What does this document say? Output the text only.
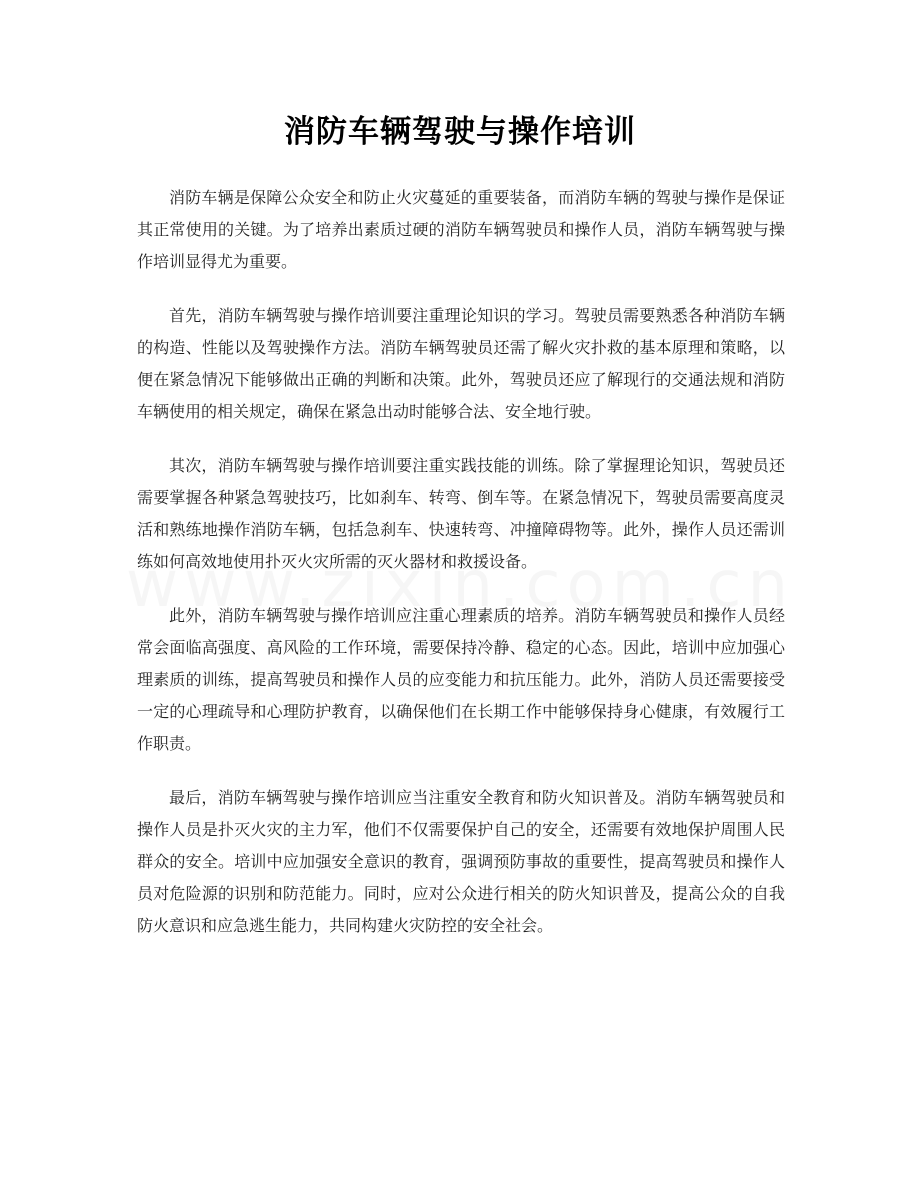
消防车辆驾驶与操作培训

消防车辆是保障公众安全和防止火灾蔓延的重要装备，而消防车辆的驾驶与操作是保证其正常使用的关键。为了培养出素质过硬的消防车辆驾驶员和操作人员，消防车辆驾驶与操作培训显得尤为重要。

首先，消防车辆驾驶与操作培训要注重理论知识的学习。驾驶员需要熟悉各种消防车辆的构造、性能以及驾驶操作方法。消防车辆驾驶员还需了解火灾扑救的基本原理和策略，以便在紧急情况下能够做出正确的判断和决策。此外，驾驶员还应了解现行的交通法规和消防车辆使用的相关规定，确保在紧急出动时能够合法、安全地行驶。

其次，消防车辆驾驶与操作培训要注重实践技能的训练。除了掌握理论知识，驾驶员还需要掌握各种紧急驾驶技巧，比如刹车、转弯、倒车等。在紧急情况下，驾驶员需要高度灵活和熟练地操作消防车辆，包括急刹车、快速转弯、冲撞障碍物等。此外，操作人员还需训练如何高效地使用扑灭火灾所需的灭火器材和救援设备。

此外，消防车辆驾驶与操作培训应注重心理素质的培养。消防车辆驾驶员和操作人员经常会面临高强度、高风险的工作环境，需要保持冷静、稳定的心态。因此，培训中应加强心理素质的训练，提高驾驶员和操作人员的应变能力和抗压能力。此外，消防人员还需要接受一定的心理疏导和心理防护教育，以确保他们在长期工作中能够保持身心健康，有效履行工作职责。

最后，消防车辆驾驶与操作培训应当注重安全教育和防火知识普及。消防车辆驾驶员和操作人员是扑灭火灾的主力军，他们不仅需要保护自己的安全，还需要有效地保护周围人民群众的安全。培训中应加强安全意识的教育，强调预防事故的重要性，提高驾驶员和操作人员对危险源的识别和防范能力。同时，应对公众进行相关的防火知识普及，提高公众的自我防火意识和应急逃生能力，共同构建火灾防控的安全社会。
